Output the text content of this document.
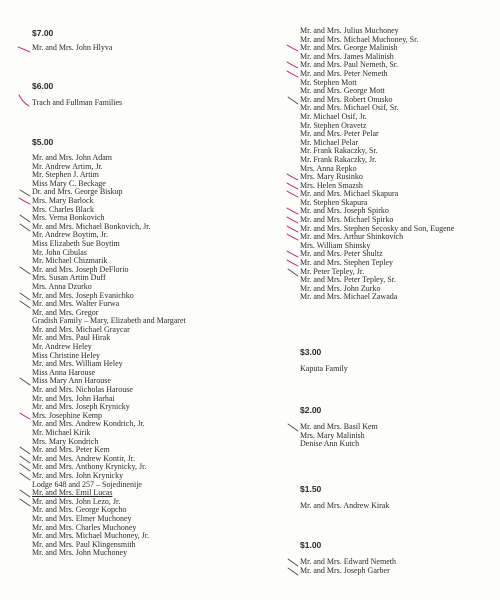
$7.00

Mr. and Mrs. John Hlyva

$6.00

Trach and Fullman Families

$5.00

Mr. and Mrs. John Adam
Mr. Andrew Artim, Jr.
Mr. Stephen J. Artim
Miss Mary C. Beckage
Dr. and Mrs. George Biskup
Mrs. Mary Barlock
Mrs. Charles Black
Mrs. Verna Bonkovich
Mr. and Mrs. Michael Bonkovich, Jr.
Mr. Andrew Boytim, Jr.
Miss Elizabeth Sue Boytim
Mr. John Cibulas
Mr. Michael Chizmarik
Mr. and Mrs. Joseph DeFlorio
Mrs. Susan Artim Duff
Mrs. Anna Dzurko
Mr. and Mrs. Joseph Evanichko
Mr. and Mrs. Walter Furwa
Mr. and Mrs. Gregor
Gradish Family – Mary, Elizabeth and Margaret
Mr. and Mrs. Michael Graycar
Mr. and Mrs. Paul Hirak
Mr. Andrew Heley
Miss Christine Heley
Mr. and Mrs. William Heley
Miss Anna Harouse
Miss Mary Ann Harouse
Mr. and Mrs. Nicholas Harouse
Mr. and Mrs. John Harhai
Mr. and Mrs. Joseph Krynicky
Mrs. Josephine Kemp
Mr. and Mrs. Andrew Kondrich, Jr.
Mr. Michael Kirik
Mrs. Mary Kondrich
Mr. and Mrs. Peter Kem
Mr. and Mrs. Andrew Kontir, Jr.
Mr. and Mrs. Anthony Krynicky, Jr.
Mr. and Mrs. John Krynicky
Lodge 648 and 257 – Sojedinenije
Mr. and Mrs. Emil Lucas
Mr. and Mrs. John Lezo, Jr.
Mr. and Mrs. George Kopcho
Mr. and Mrs. Elmer Muchoney
Mr. and Mrs. Charles Muchoney
Mr. and Mrs. Michael Muchoney, Jr.
Mr. and Mrs. Paul Klingensmith
Mr. and Mrs. John Muchoney
Mr. and Mrs. Julius Muchoney
Mr. and Mrs. Michael Muchoney, Sr.
Mr. and Mrs. George Malinish
Mr. and Mrs. James Malinish
Mr. and Mrs. Paul Nemeth, Sr.
Mr. and Mrs. Peter Nemeth
Mr. Stephen Mott
Mr. and Mrs. George Mott
Mr. and Mrs. Robert Onusko
Mr. and Mrs. Michael Osif, Sr.
Mr. Michael Osif, Jr.
Mr. Stephen Oravetz
Mr. and Mrs. Peter Pelar
Mr. Michael Pelar
Mr. Frank Rakaczky, Sr.
Mr. Frank Rakaczky, Jr.
Mrs. Anna Repko
Mrs. Mary Rusinko
Mrs. Helen Smazsh
Mr. and Mrs. Michael Skapura
Mr. Stephen Skapura
Mr. and Mrs. Joseph Spirko
Mr. and Mrs. Michael Spirko
Mr. and Mrs. Stephen Secosky and Son, Eugene
Mr. and Mrs. Arthur Shinkovich
Mrs. William Shinsky
Mr. and Mrs. Peter Shultz
Mr. and Mrs. Stephen Tepley
Mr. Peter Tepley, Jr.
Mr. and Mrs. Peter Tepley, Sr.
Mr. and Mrs. John Zurko
Mr. and Mrs. Michael Zawada

$3.00

Kaputa Family

$2.00

Mr. and Mrs. Basil Kem
Mrs. Mary Malinish
Denise Ann Kutch

$1.50

Mr. and Mrs. Andrew Kirak

$1.00

Mr. and Mrs. Edward Nemeth
Mr. and Mrs. Joseph Garber
